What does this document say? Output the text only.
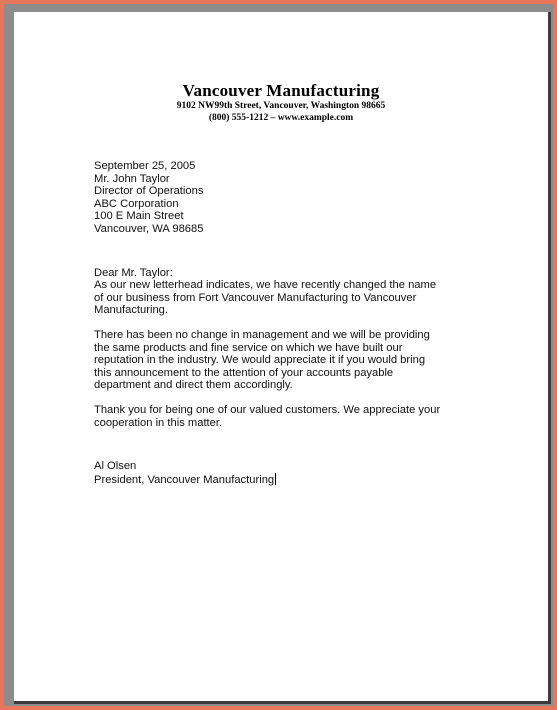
Vancouver Manufacturing
9102 NW99th Street, Vancouver, Washington 98665
(800) 555-1212 – www.example.com

September 25, 2005

Mr. John Taylor

Director of Operations

ABC Corporation

100 E Main Street

Vancouver, WA 98685

Dear Mr. Taylor:

As our new letterhead indicates, we have recently changed the name

of our business from Fort Vancouver Manufacturing to Vancouver

Manufacturing.

There has been no change in management and we will be providing

the same products and fine service on which we have built our

reputation in the industry. We would appreciate it if you would bring

this announcement to the attention of your accounts payable

department and direct them accordingly.

Thank you for being one of our valued customers. We appreciate your

cooperation in this matter.

Al Olsen

President, Vancouver Manufacturing
